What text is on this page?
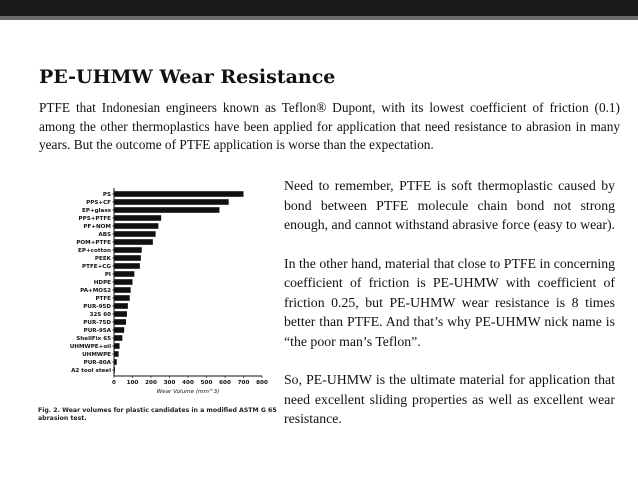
PE-UHMW Wear Resistance
PTFE that Indonesian engineers known as Teflon® Dupont, with its lowest coefficient of friction (0.1) among the other thermoplastics have been applied for application that need resistance to abrasion in many years. But the outcome of PTFE application is worse than the expectation.
PS
PPS+CF
EP+glass
PPS+PTFE
PF+NOM
ABS
POM+PTFE
EP+cotton
PEEK
PTFE+CG
PI
HDPE
PA+MOS2
PTFE
PUR-95D
32S 60
PUR-75D
PUR-95A
ShellFix 65
UHMWPE+oil
UHMWPE
PUR-80A
A2 tool steel
0 100 200 300 400 500 600 700 800
Wear Volume (mm^3)
Fig. 2. Wear volumes for plastic candidates in a modified ASTM G 65 abrasion test.

Need to remember, PTFE is soft thermoplastic caused by bond between PTFE molecule chain bond not strong enough, and cannot withstand abrasive force (easy to wear).

In the other hand, material that close to PTFE in concerning coefficient of friction is PE-UHMW with coefficient of friction 0.25, but PE-UHMW wear resistance is 8 times better than PTFE. And that’s why PE-UHMW nick name is “the poor man’s Teflon”.

So, PE-UHMW is the ultimate material for application that need excellent sliding properties as well as excellent wear resistance.
